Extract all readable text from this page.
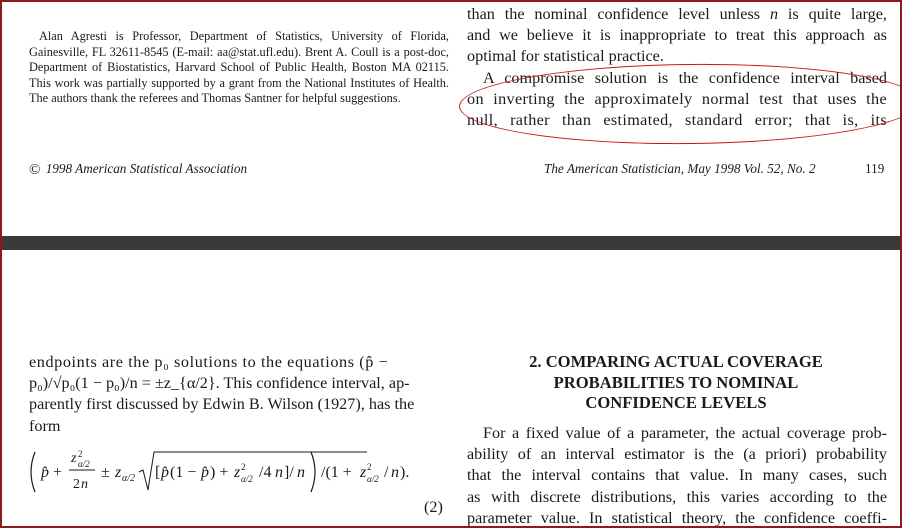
Alan Agresti is Professor, Department of Statistics, University of Florida, Gainesville, FL 32611-8545 (E-mail: aa@stat.ufl.edu). Brent A. Coull is a post-doc, Department of Biostatistics, Harvard School of Public Health, Boston MA 02115. This work was partially supported by a grant from the National Institutes of Health. The authors thank the referees and Thomas Santner for helpful suggestions.
than the nominal confidence level unless n is quite large,
and we believe it is inappropriate to treat this approach as
optimal for statistical practice.
A compromise solution is the confidence interval based
on inverting the approximately normal test that uses the
null, rather than estimated, standard error; that is, its
© 1998 American Statistical Association	The American Statistician, May 1998 Vol. 52, No. 2	119
endpoints are the p₀ solutions to the equations (p̂ −
p₀)/√p₀(1 − p₀)/n = ±z_{α/2}. This confidence interval, ap-
parently first discussed by Edwin B. Wilson (1927), has the
form
p̂ +
z 2
α/2
2 n
± z α/2 [ p̂ (1 − p̂ ) + z 2
α/2 /4 n ]/ n /(1 + z 2
α/2 / n ).
(2)
2. COMPARING ACTUAL COVERAGE
PROBABILITIES TO NOMINAL
CONFIDENCE LEVELS
For a fixed value of a parameter, the actual coverage prob-
ability of an interval estimator is the (a priori) probability
that the interval contains that value. In many cases, such
as with discrete distributions, this varies according to the
parameter value. In statistical theory, the confidence coeffi-
